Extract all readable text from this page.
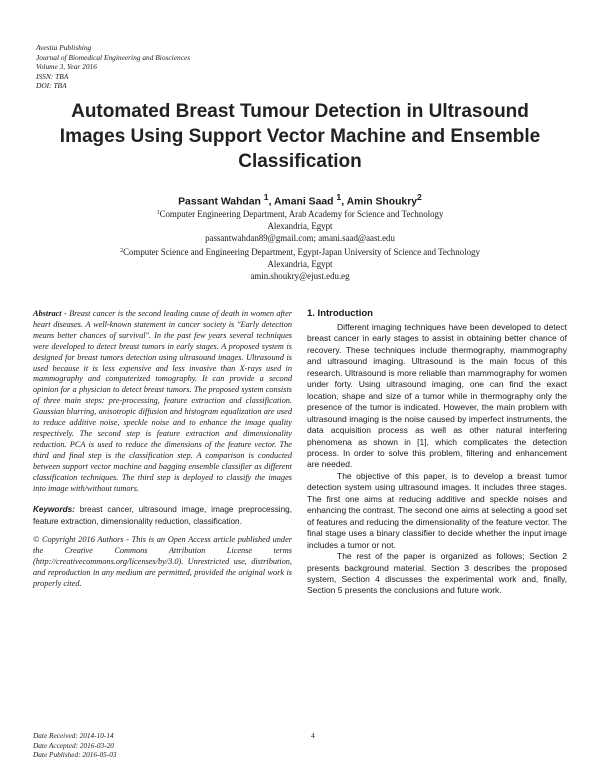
Avestia Publishing
Journal of Biomedical Engineering and Biosciences
Volume 3, Year 2016
ISSN: TBA
DOI: TBA
Automated Breast Tumour Detection in Ultrasound
Images Using Support Vector Machine and Ensemble
Classification
Passant Wahdan $^1$, Amani Saad $^1$, Amin Shoukry$^2$
$^1$Computer Engineering Department, Arab Academy for Science and Technology
Alexandria, Egypt
passantwahdan89@gmail.com; amani.saad@aast.edu
$^2$Computer Science and Engineering Department, Egypt-Japan University of Science and Technology
Alexandria, Egypt
amin.shoukry@ejust.edu.eg

Abstract - Breast cancer is the second leading cause of death in women after heart diseases. A well-known statement in cancer society is "Early detection means better chances of survival". In the past few years several techniques were developed to detect breast tumors in early stages. A proposed system is designed for breast tumors detection using ultrasound images. Ultrasound is used because it is less expensive and less invasive than X-rays used in mammography and computerized tomography. It can provide a second opinion for a physician to detect breast tumors. The proposed system consists of three main steps: pre-processing, feature extraction and classification. Gaussian blurring, anisotropic diffusion and histogram equalization are used to reduce additive noise, speckle noise and to enhance the image quality respectively. The second step is feature extraction and dimensionality reduction. PCA is used to reduce the dimensions of the feature vector. The third and final step is the classification step. A comparison is conducted between support vector machine and bagging ensemble classifier as different classification techniques. The third step is deployed to classify the images into image with/without tumors.

Keywords: breast cancer, ultrasound image, image preprocessing, feature extraction, dimensionality reduction, classification.

© Copyright 2016 Authors - This is an Open Access article published under the Creative Commons Attribution License terms (http://creativecommons.org/licenses/by/3.0). Unrestricted use, distribution, and reproduction in any medium are permitted, provided the original work is properly cited.

1. Introduction

Different imaging techniques have been developed to detect breast cancer in early stages to assist in obtaining better chance of recovery. These techniques include thermography, mammography and ultrasound imaging. Ultrasound is the main focus of this research. Ultrasound is more reliable than mammography for women under forty. Using ultrasound imaging, one can find the exact location, shape and size of a tumor while in thermography only the presence of the tumor is indicated. However, the main problem with ultrasound imaging is the noise caused by imperfect instruments, the data acquisition process as well as other natural interfering phenomena as shown in [1], which complicates the detection process. In order to solve this problem, filtering and enhancement are needed.

The objective of this paper, is to develop a breast tumor detection system using ultrasound images. It includes three stages. The first one aims at reducing additive and speckle noises and enhancing the contrast. The second one aims at selecting a good set of features and reducing the dimensionality of the feature vector. The final stage uses a binary classifier to decide whether the input image includes a tumor or not.

The rest of the paper is organized as follows; Section 2 presents background material. Section 3 describes the proposed system, Section 4 discusses the experimental work and, finally, Section 5 presents the conclusions and future work.

Date Received: 2014-10-14
Date Accepted: 2016-03-20
Date Published: 2016-05-03
4
